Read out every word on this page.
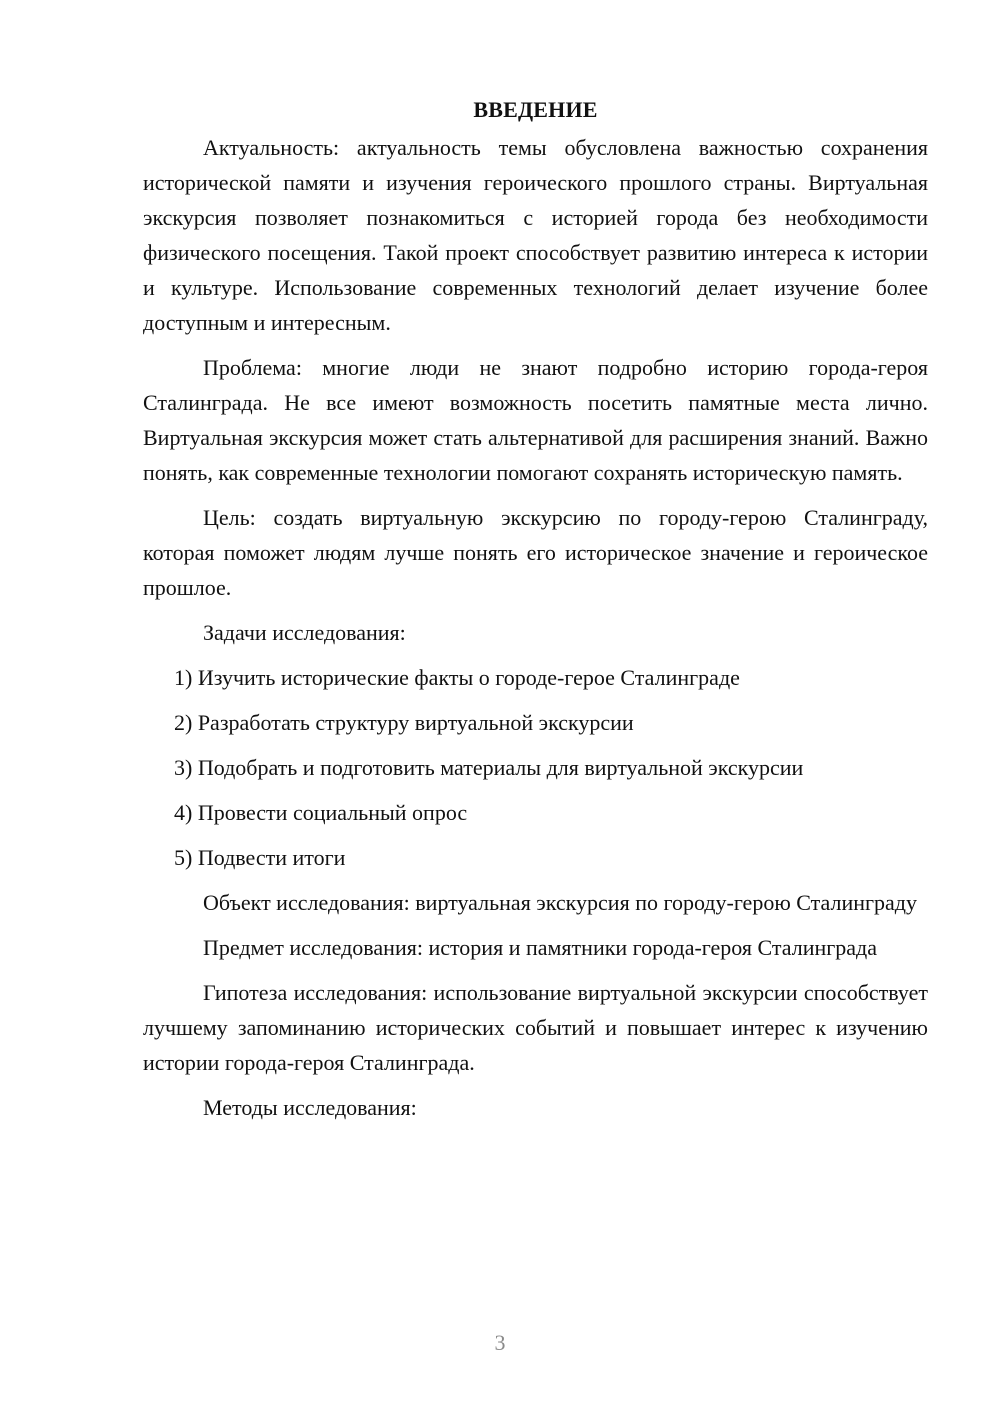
ВВЕДЕНИЕ

Актуальность: актуальность темы обусловлена важностью сохранения исторической памяти и изучения героического прошлого страны. Виртуальная экскурсия позволяет познакомиться с историей города без необходимости физического посещения. Такой проект способствует развитию интереса к истории и культуре. Использование современных технологий делает изучение более доступным и интересным.

Проблема: многие люди не знают подробно историю города-героя Сталинграда. Не все имеют возможность посетить памятные места лично. Виртуальная экскурсия может стать альтернативой для расширения знаний. Важно понять, как современные технологии помогают сохранять историческую память.

Цель: создать виртуальную экскурсию по городу-герою Сталинграду, которая поможет людям лучше понять его историческое значение и героическое прошлое.

Задачи исследования:

1) Изучить исторические факты о городе-герое Сталинграде
2) Разработать структуру виртуальной экскурсии
3) Подобрать и подготовить материалы для виртуальной экскурсии
4) Провести социальный опрос
5) Подвести итоги

Объект исследования: виртуальная экскурсия по городу-герою Сталинграду

Предмет исследования: история и памятники города-героя Сталинграда

Гипотеза исследования: использование виртуальной экскурсии способствует лучшему запоминанию исторических событий и повышает интерес к изучению истории города-героя Сталинграда.

Методы исследования:

3
